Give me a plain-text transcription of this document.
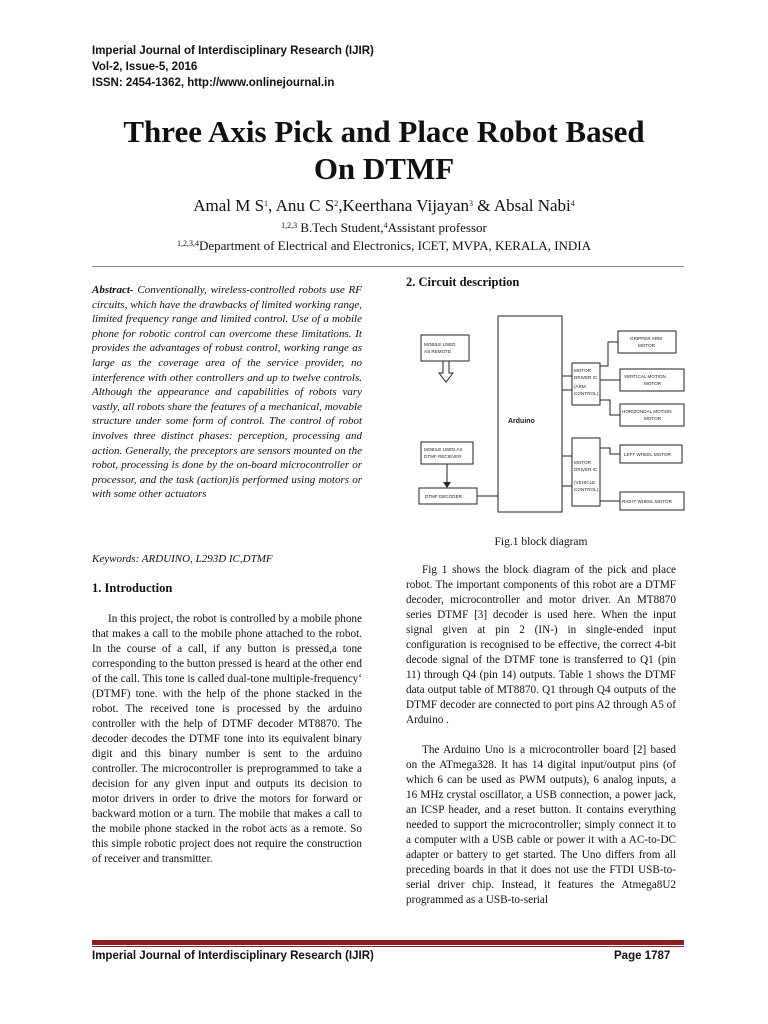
Imperial Journal of Interdisciplinary Research (IJIR)
Vol-2, Issue-5, 2016
ISSN: 2454-1362, http://www.onlinejournal.in
Three Axis Pick and Place Robot Based
On DTMF
Amal M $S^1$, Anu C $S^2,Keerthana$ Vijayan$^3$ & Absal Nabi$^4$
$^{1,2,3}$ B.Tech Student,$^4$Assistant professor
$^{1,2,3,4}$Department of Electrical and Electronics, ICET, MVPA, KERALA, INDIA
Abstract- Conventionally, wireless-controlled robots use RF circuits, which have the drawbacks of limited working range, limited frequency range and limited control. Use of a mobile phone for robotic control can overcome these limitations. It provides the advantages of robust control, working range as large as the coverage area of the service provider, no interference with other controllers and up to twelve controls. Although the appearance and capabilities of robots vary vastly, all robots share the features of a mechanical, movable structure under some form of control. The control of robot involves three distinct phases: perception, processing and action. Generally, the preceptors are sensors mounted on the robot, processing is done by the on-board microcontroller or processor, and the task (action)is performed using motors or with some other actuators
Keywords: ARDUINO, L293D IC,DTMF
1. Introduction

In this project, the robot is controlled by a mobile phone that makes a call to the mobile phone attached to the robot. In the course of a call, if any button is pressed,a tone corresponding to the button pressed is heard at the other end of the call. This tone is called dual-tone multiple-frequency‘ (DTMF) tone. with the help of the phone stacked in the robot. The received tone is processed by the arduino controller with the help of DTMF decoder MT8870. The decoder decodes the DTMF tone into its equivalent binary digit and this binary number is sent to the arduino controller. The microcontroller is preprogrammed to take a decision for any given input and outputs its decision to motor drivers in order to drive the motors for forward or backward motion or a turn. The mobile that makes a call to the mobile phone stacked in the robot acts as a remote. So this simple robotic project does not require the construction of receiver and transmitter.

2. Circuit description
MOBILE USED
AS REMOTE
MOBILE USED AS
DTMF RECIEVER
DTMF DECODER
MOTOR
DRIVER IC
(ARM
CONTROL)
MOTOR
DRIVER IC
(VEHICLE
CONTROL)
GRIPPER ARM
MOTOR
VERTICAL MOTION
MOTOR
HORIZONDAL MOTION
MOTOR
LEFT WHEEL MOTOR
RIGHT WHEEL MOTOR
Arduino
Fig.1 block diagram

Fig 1 shows the block diagram of the pick and place robot. The important components of this robot are a DTMF decoder, microcontroller and motor driver. An MT8870 series DTMF [3] decoder is used here. When the input signal given at pin 2 (IN-) in single-ended input configuration is recognised to be effective, the correct 4-bit decode signal of the DTMF tone is transferred to Q1 (pin 11) through Q4 (pin 14) outputs. Table 1 shows the DTMF data output table of MT8870. Q1 through Q4 outputs of the DTMF decoder are connected to port pins A2 through A5 of Arduino .

The Arduino Uno is a microcontroller board [2] based on the ATmega328. It has 14 digital input/output pins (of which 6 can be used as PWM outputs), 6 analog inputs, a 16 MHz crystal oscillator, a USB connection, a power jack, an ICSP header, and a reset button. It contains everything needed to support the microcontroller; simply connect it to a computer with a USB cable or power it with a AC-to-DC adapter or battery to get started. The Uno differs from all preceding boards in that it does not use the FTDI USB-to-serial driver chip. Instead, it features the Atmega8U2 programmed as a USB-to-serial

Imperial Journal of Interdisciplinary Research (IJIR)	Page 1787
